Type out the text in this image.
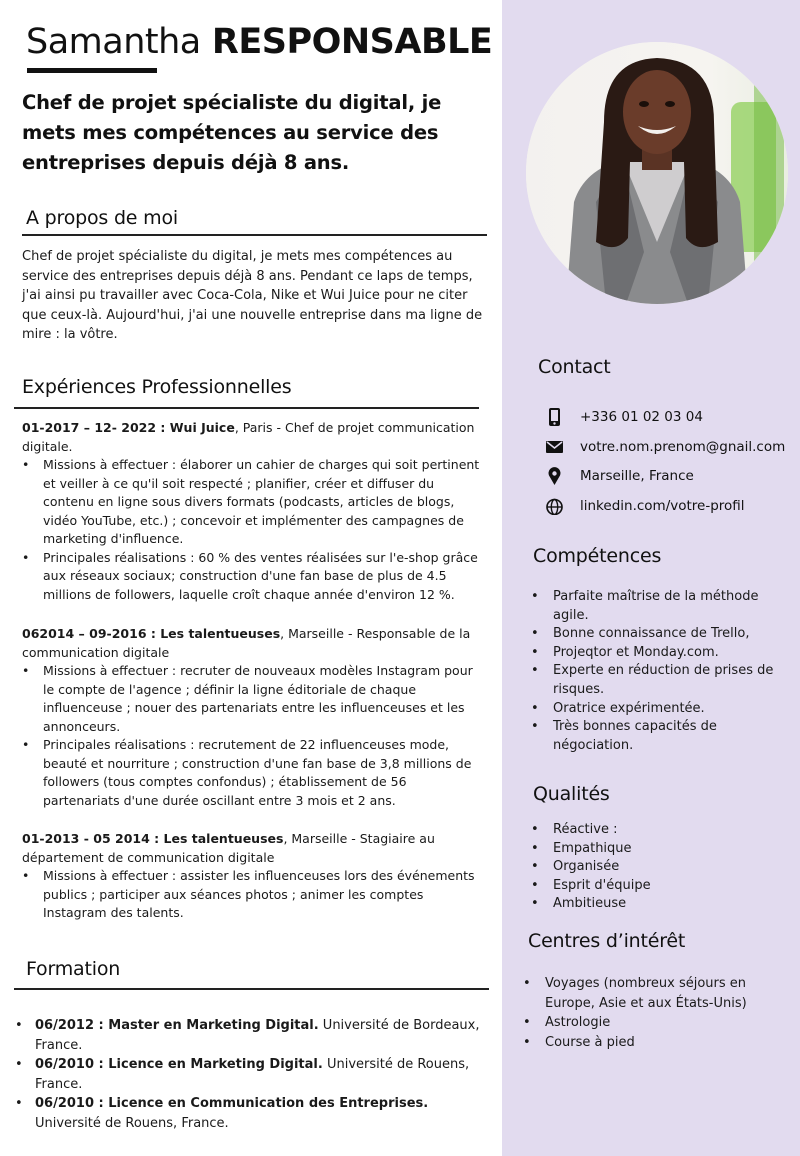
Samantha RESPONSABLE
Chef de projet spécialiste du digital, je mets mes compétences au service des entreprises depuis déjà 8 ans.
A propos de moi
Chef de projet spécialiste du digital, je mets mes compétences au service des entreprises depuis déjà 8 ans. Pendant ce laps de temps, j'ai ainsi pu travailler avec Coca-Cola, Nike et Wui Juice pour ne citer que ceux-là. Aujourd'hui, j'ai une nouvelle entreprise dans ma ligne de mire : la vôtre.
Expériences Professionnelles
01-2017 – 12- 2022 : Wui Juice, Paris - Chef de projet communication digitale.
• Missions à effectuer : élaborer un cahier de charges qui soit pertinent et veiller à ce qu'il soit respecté ; planifier, créer et diffuser du contenu en ligne sous divers formats (podcasts, articles de blogs, vidéo YouTube, etc.) ; concevoir et implémenter des campagnes de marketing d'influence.
• Principales réalisations : 60 % des ventes réalisées sur l'e-shop grâce aux réseaux sociaux; construction d'une fan base de plus de 4.5 millions de followers, laquelle croît chaque année d'environ 12 %.
062014 – 09-2016 : Les talentueuses, Marseille - Responsable de la communication digitale
• Missions à effectuer : recruter de nouveaux modèles Instagram pour le compte de l'agence ; définir la ligne éditoriale de chaque influenceuse ; nouer des partenariats entre les influenceuses et les annonceurs.
• Principales réalisations : recrutement de 22 influenceuses mode, beauté et nourriture ; construction d'une fan base de 3,8 millions de followers (tous comptes confondus) ; établissement de 56 partenariats d'une durée oscillant entre 3 mois et 2 ans.
01-2013 - 05 2014 : Les talentueuses, Marseille - Stagiaire au département de communication digitale
• Missions à effectuer : assister les influenceuses lors des événements publics ; participer aux séances photos ; animer les comptes Instagram des talents.
Formation
• 06/2012 : Master en Marketing Digital. Université de Bordeaux, France.
• 06/2010 : Licence en Marketing Digital. Université de Rouens, France.
• 06/2010 : Licence en Communication des Entreprises. Université de Rouens, France.
Contact
+336 01 02 03 04
votre.nom.prenom@gnail.com
Marseille, France
linkedin.com/votre-profil
Compétences
• Parfaite maîtrise de la méthode agile.
• Bonne connaissance de Trello,
• Projeqtor et Monday.com.
• Experte en réduction de prises de risques.
• Oratrice expérimentée.
• Très bonnes capacités de négociation.
Qualités
• Réactive :
• Empathique
• Organisée
• Esprit d'équipe
• Ambitieuse
Centres d’intérêt
• Voyages (nombreux séjours en Europe, Asie et aux États-Unis)
• Astrologie
• Course à pied
